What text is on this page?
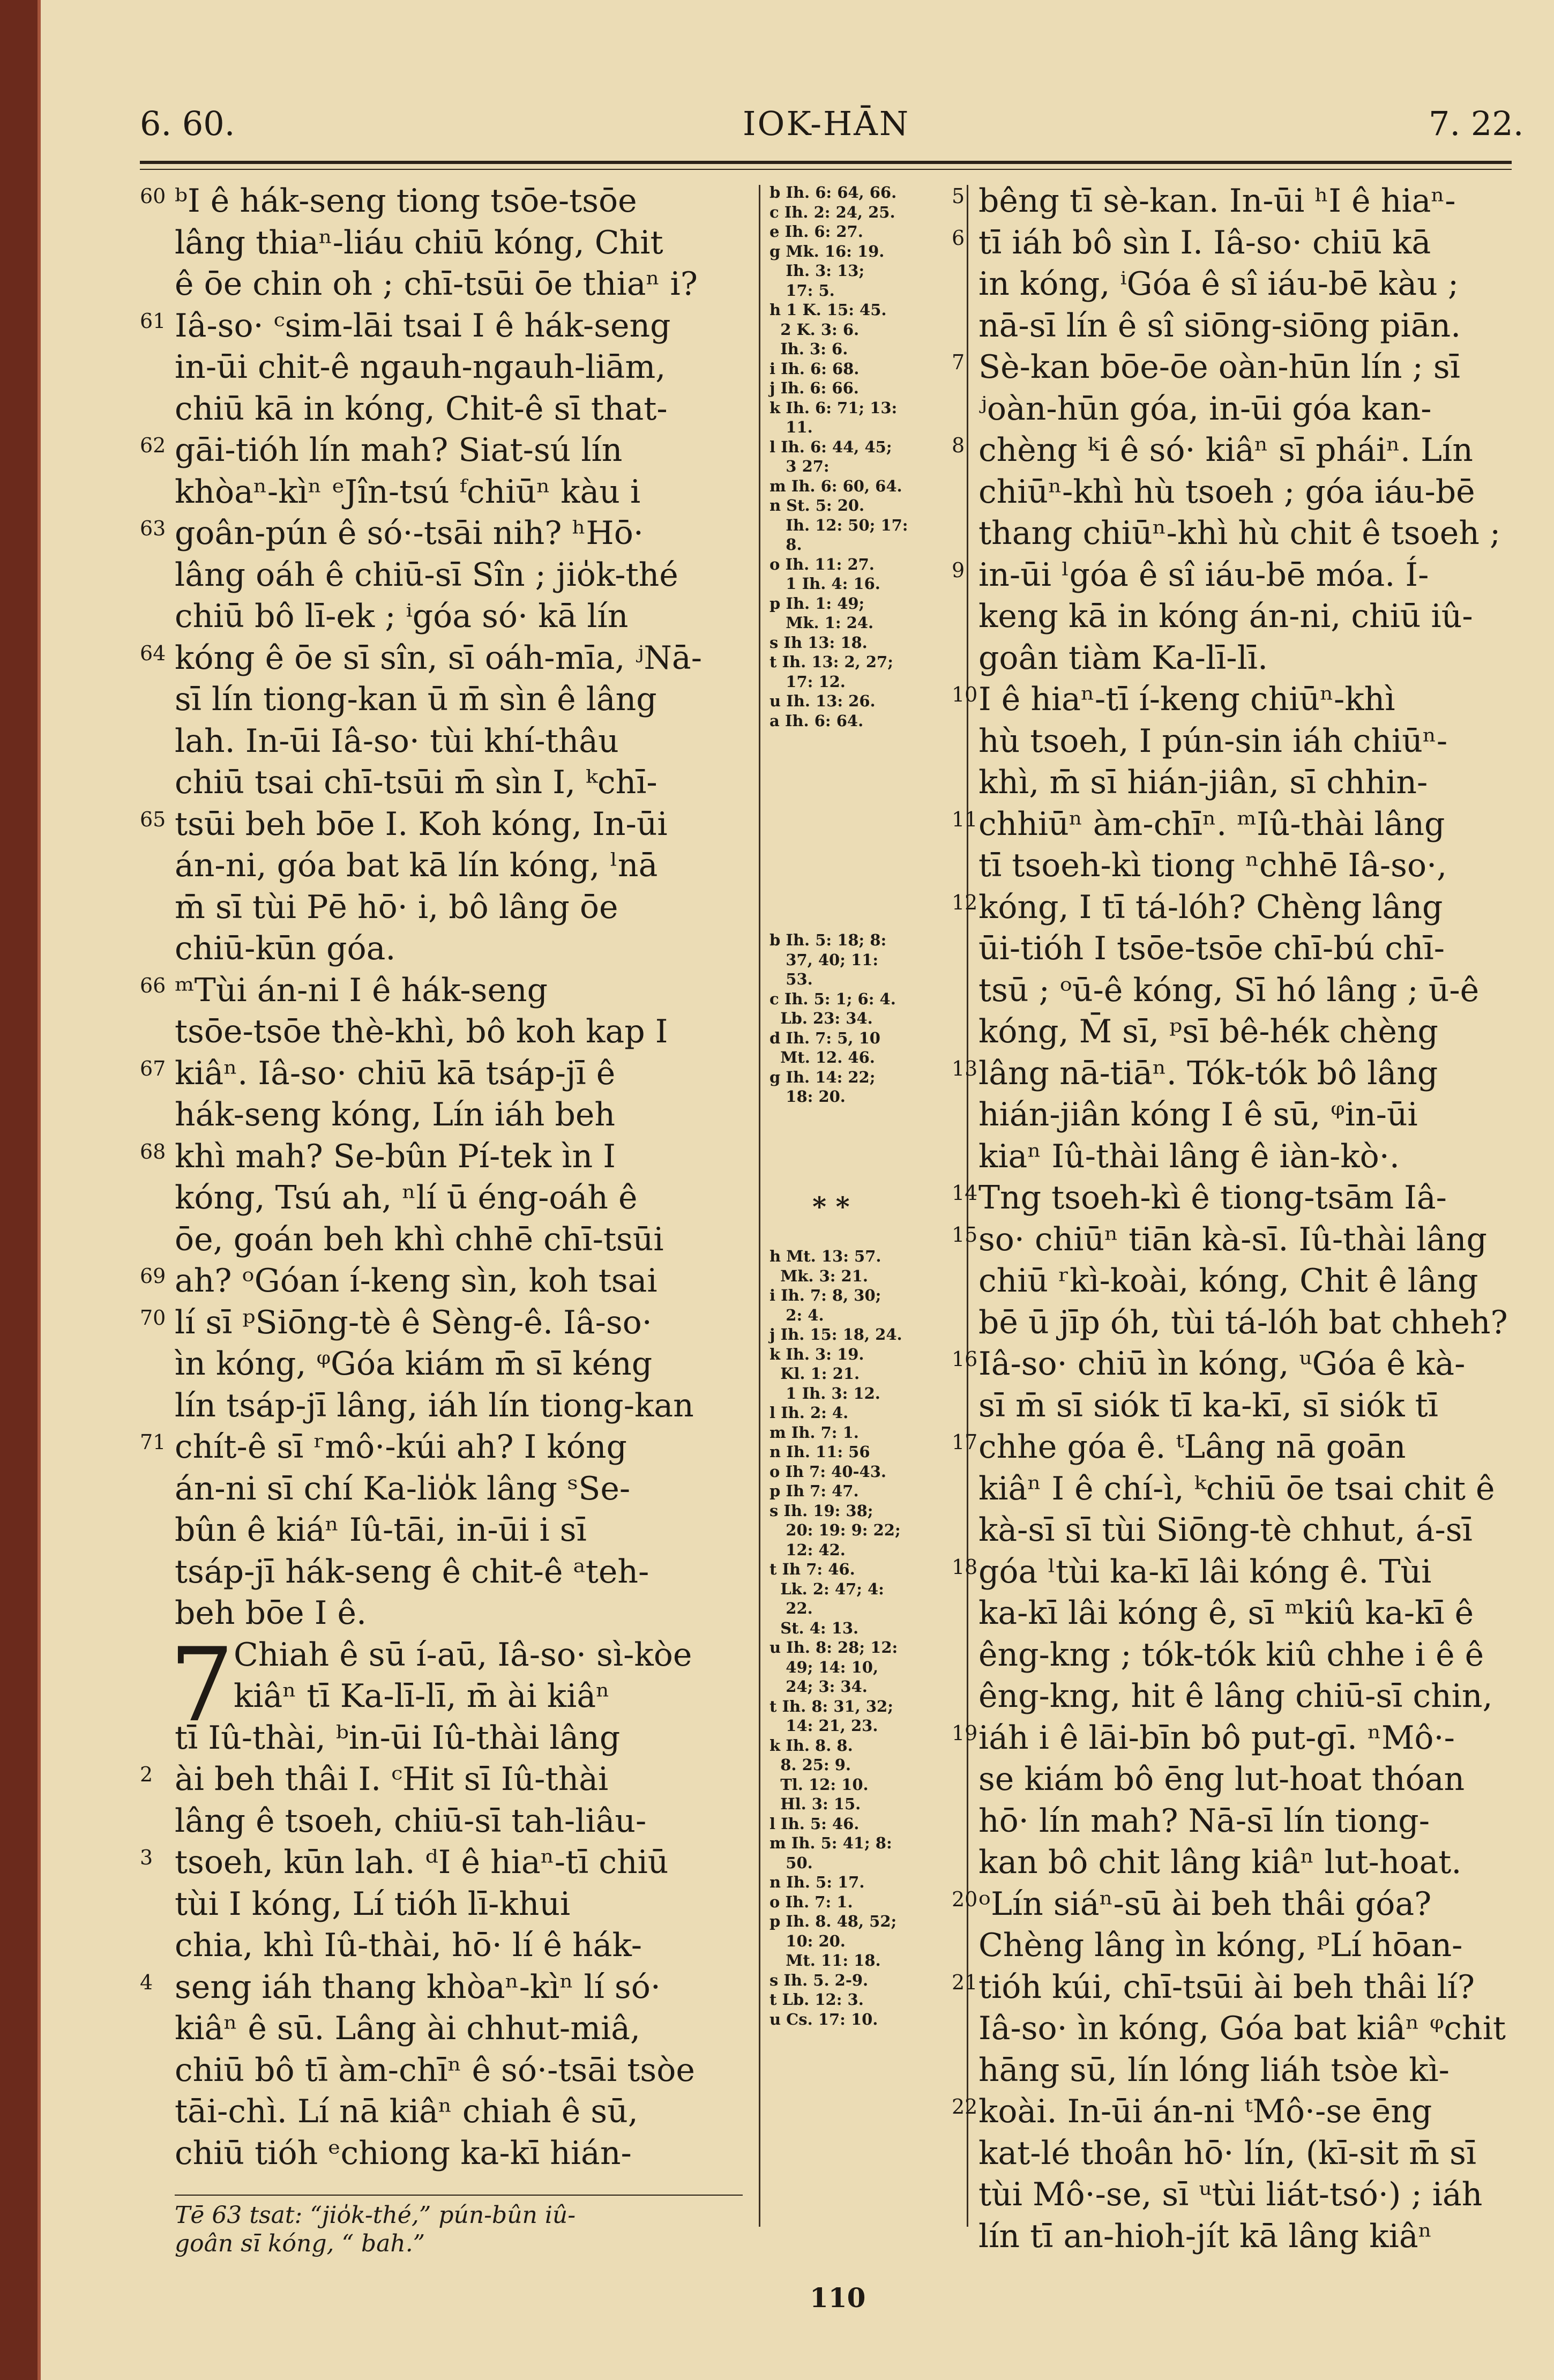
6. 60.	IOK-HĀN	7. 22.
ᵇI ê hák-seng tiong tsōe-tsōe
lâng thiaⁿ-liáu chiū kóng, Chit
ê ōe chin oh ; chī-tsūi ōe thiaⁿ i?
Iâ-so· ᶜsim-lāi tsai I ê hák-seng
in-ūi chit-ê ngauh-ngauh-liām,
chiū kā in kóng, Chit-ê sī that-
gāi-tióh lín mah? Siat-sú lín
khòaⁿ-kìⁿ ᵉJîn-tsú ᶠchiūⁿ kàu i
goân-pún ê só·-tsāi nih? ʰHō·
lâng oáh ê chiū-sī Sîn ; jio̍k-thé
chiū bô lī-ek ; ⁱgóa só· kā lín
kóng ê ōe sī sîn, sī oáh-mīa, ʲNā-
sī lín tiong-kan ū m̄ sìn ê lâng
lah. In-ūi Iâ-so· tùi khí-thâu
chiū tsai chī-tsūi m̄ sìn I, ᵏchī-
tsūi beh bōe I. Koh kóng, In-ūi
án-ni, góa bat kā lín kóng, ˡnā
m̄ sī tùi Pē hō· i, bô lâng ōe
chiū-kūn góa.
ᵐTùi án-ni I ê hák-seng
tsōe-tsōe thè-khì, bô koh kap I
kiâⁿ. Iâ-so· chiū kā tsáp-jī ê
hák-seng kóng, Lín iáh beh
khì mah? Se-bûn Pí-tek ìn I
kóng, Tsú ah, ⁿlí ū éng-oáh ê
ōe, goán beh khì chhē chī-tsūi
ah? ᵒGóan í-keng sìn, koh tsai
lí sī ᵖSiōng-tè ê Sèng-ê. Iâ-so·
ìn kóng, ᵠGóa kiám m̄ sī kéng
lín tsáp-jī lâng, iáh lín tiong-kan
chít-ê sī ʳmô·-kúi ah? I kóng
án-ni sī chí Ka-lio̍k lâng ˢSe-
bûn ê kiáⁿ Iû-tāi, in-ūi i sī
tsáp-jī hák-seng ê chit-ê ᵃteh-
beh bōe I ê.
Chiah ê sū í-aū, Iâ-so· sì-kòe
kiâⁿ tī Ka-lī-lī, m̄ ài kiâⁿ
tī Iû-thài, ᵇin-ūi Iû-thài lâng
ài beh thâi I. ᶜHit sī Iû-thài
lâng ê tsoeh, chiū-sī tah-liâu-
tsoeh, kūn lah. ᵈI ê hiaⁿ-tī chiū
tùi I kóng, Lí tióh lī-khui
chia, khì Iû-thài, hō· lí ê hák-
seng iáh thang khòaⁿ-kìⁿ lí só·
kiâⁿ ê sū. Lâng ài chhut-miâ,
chiū bô tī àm-chīⁿ ê só·-tsāi tsòe
tāi-chì. Lí nā kiâⁿ chiah ê sū,
chiū tióh ᵉchiong ka-kī hián-
60
61
62
63
64
65
66
67
68
69
70
71
2
3
4
7
b Ih. 6: 64, 66.
c Ih. 2: 24, 25.
e Ih. 6: 27.
g Mk. 16: 19.
Ih. 3: 13;
17: 5.
h 1 K. 15: 45.
2 K. 3: 6.
Ih. 3: 6.
i Ih. 6: 68.
j Ih. 6: 66.
k Ih. 6: 71; 13:
11.
l Ih. 6: 44, 45;
3 27:
m Ih. 6: 60, 64.
n St. 5: 20.
Ih. 12: 50; 17:
8.
o Ih. 11: 27.
1 Ih. 4: 16.
p Ih. 1: 49;
Mk. 1: 24.
s Ih 13: 18.
t Ih. 13: 2, 27;
17: 12.
u Ih. 13: 26.
a Ih. 6: 64.
b Ih. 5: 18; 8:
37, 40; 11:
53.
c Ih. 5: 1; 6: 4.
Lb. 23: 34.
d Ih. 7: 5, 10
Mt. 12. 46.
g Ih. 14: 22;
18: 20.
h Mt. 13: 57.
Mk. 3: 21.
i Ih. 7: 8, 30;
2: 4.
j Ih. 15: 18, 24.
k Ih. 3: 19.
Kl. 1: 21.
1 Ih. 3: 12.
l Ih. 2: 4.
m Ih. 7: 1.
n Ih. 11: 56
o Ih 7: 40-43.
p Ih 7: 47.
s Ih. 19: 38;
20: 19: 9: 22;
12: 42.
t Ih 7: 46.
Lk. 2: 47; 4:
22.
St. 4: 13.
u Ih. 8: 28; 12:
49; 14: 10,
24; 3: 34.
t Ih. 8: 31, 32;
14: 21, 23.
k Ih. 8. 8.
8. 25: 9.
Tl. 12: 10.
Hl. 3: 15.
l Ih. 5: 46.
m Ih. 5: 41; 8:
50.
n Ih. 5: 17.
o Ih. 7: 1.
p Ih. 8. 48, 52;
10: 20.
Mt. 11: 18.
s Ih. 5. 2-9.
t Lb. 12: 3.
u Cs. 17: 10.
* *
bêng tī sè-kan. In-ūi ʰI ê hiaⁿ-
tī iáh bô sìn I. Iâ-so· chiū kā
in kóng, ⁱGóa ê sî iáu-bē kàu ;
nā-sī lín ê sî siōng-siōng piān.
Sè-kan bōe-ōe oàn-hūn lín ; sī
ʲoàn-hūn góa, in-ūi góa kan-
chèng ᵏi ê só· kiâⁿ sī pháiⁿ. Lín
chiūⁿ-khì hù tsoeh ; góa iáu-bē
thang chiūⁿ-khì hù chit ê tsoeh ;
in-ūi ˡgóa ê sî iáu-bē móa. Í-
keng kā in kóng án-ni, chiū iû-
goân tiàm Ka-lī-lī.
I ê hiaⁿ-tī í-keng chiūⁿ-khì
hù tsoeh, I pún-sin iáh chiūⁿ-
khì, m̄ sī hián-jiân, sī chhin-
chhiūⁿ àm-chīⁿ. ᵐIû-thài lâng
tī tsoeh-kì tiong ⁿchhē Iâ-so·,
kóng, I tī tá-lóh? Chèng lâng
ūi-tióh I tsōe-tsōe chī-bú chī-
tsū ; ᵒū-ê kóng, Sī hó lâng ; ū-ê
kóng, M̄ sī, ᵖsī bê-hék chèng
lâng nā-tiāⁿ. Tók-tók bô lâng
hián-jiân kóng I ê sū, ᵠin-ūi
kiaⁿ Iû-thài lâng ê iàn-kò·.
Tng tsoeh-kì ê tiong-tsām Iâ-
so· chiūⁿ tiān kà-sī. Iû-thài lâng
chiū ʳkì-koài, kóng, Chit ê lâng
bē ū jīp óh, tùi tá-lóh bat chheh?
Iâ-so· chiū ìn kóng, ᵘGóa ê kà-
sī m̄ sī siók tī ka-kī, sī siók tī
chhe góa ê. ᵗLâng nā goān
kiâⁿ I ê chí-ì, ᵏchiū ōe tsai chit ê
kà-sī sī tùi Siōng-tè chhut, á-sī
góa ˡtùi ka-kī lâi kóng ê. Tùi
ka-kī lâi kóng ê, sī ᵐkiû ka-kī ê
êng-kng ; tók-tók kiû chhe i ê ê
êng-kng, hit ê lâng chiū-sī chin,
iáh i ê lāi-bīn bô put-gī. ⁿMô·-
se kiám bô ēng lut-hoat thóan
hō· lín mah? Nā-sī lín tiong-
kan bô chit lâng kiâⁿ lut-hoat.
ᵒLín siáⁿ-sū ài beh thâi góa?
Chèng lâng ìn kóng, ᵖLí hōan-
tióh kúi, chī-tsūi ài beh thâi lí?
Iâ-so· ìn kóng, Góa bat kiâⁿ ᵠchit
hāng sū, lín lóng liáh tsòe kì-
koài. In-ūi án-ni ᵗMô·-se ēng
kat-lé thoân hō· lín, (kī-sit m̄ sī
tùi Mô·-se, sī ᵘtùi liát-tsó·) ; iáh
lín tī an-hioh-jít kā lâng kiâⁿ
5
6
7
8
9
10
11
12
13
14
15
16
17
18
19
20
21
22
Tē 63 tsat: “jio̍k-thé,” pún-bûn iû-
goân sī kóng, “ bah.”
110
